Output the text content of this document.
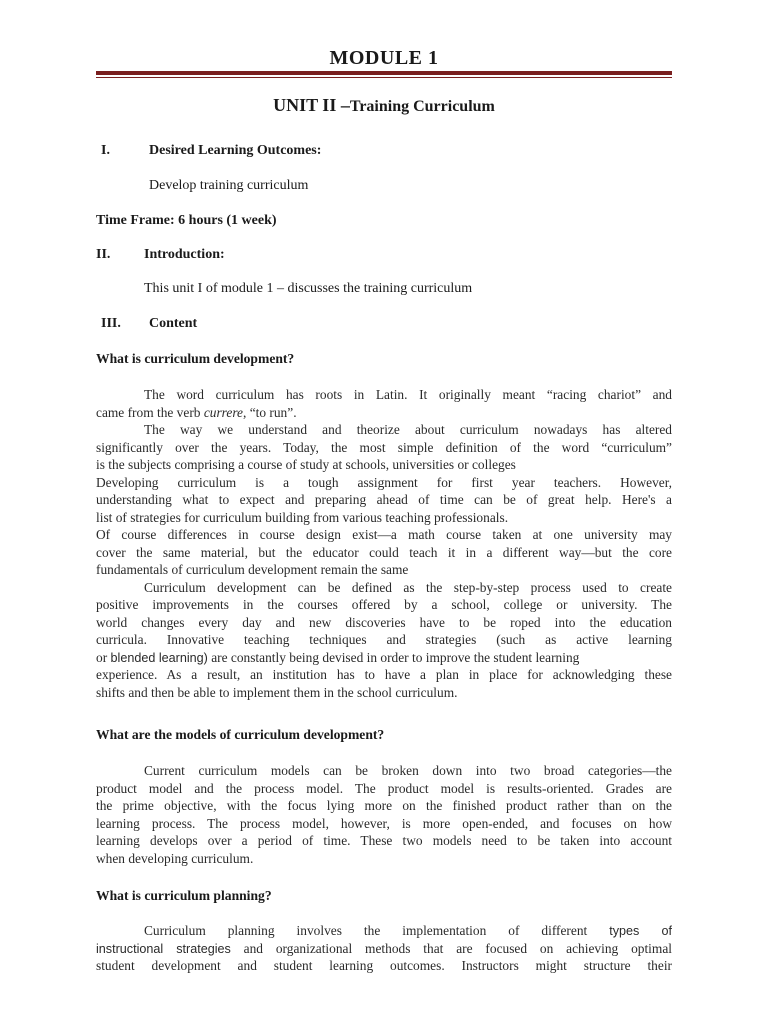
MODULE 1
UNIT II –Training Curriculum
I.	Desired Learning Outcomes:
Develop training curriculum
Time Frame: 6 hours (1 week)
II. Introduction:
This unit I of module 1 – discusses the training curriculum
III. Content
What is curriculum development?
The word curriculum has roots in Latin. It originally meant “racing chariot” and
came from the verb currere, “to run”.
The way we understand and theorize about curriculum nowadays has altered
significantly over the years. Today, the most simple definition of the word “curriculum”
is the subjects comprising a course of study at schools, universities or colleges
Developing curriculum is a tough assignment for first year teachers. However,
understanding what to expect and preparing ahead of time can be of great help. Here's a
list of strategies for curriculum building from various teaching professionals.
Of course differences in course design exist—a math course taken at one university may
cover the same material, but the educator could teach it in a different way—but the core
fundamentals of curriculum development remain the same
Curriculum development can be defined as the step-by-step process used to create
positive improvements in the courses offered by a school, college or university. The
world changes every day and new discoveries have to be roped into the education
curricula. Innovative teaching techniques and strategies (such as active learning
or blended learning) are constantly being devised in order to improve the student learning
experience. As a result, an institution has to have a plan in place for acknowledging these
shifts and then be able to implement them in the school curriculum.
What are the models of curriculum development?
Current curriculum models can be broken down into two broad categories—the
product model and the process model. The product model is results-oriented. Grades are
the prime objective, with the focus lying more on the finished product rather than on the
learning process. The process model, however, is more open-ended, and focuses on how
learning develops over a period of time. These two models need to be taken into account
when developing curriculum.
What is curriculum planning?
Curriculum planning involves the implementation of different types of
instructional strategies and organizational methods that are focused on achieving optimal
student development and student learning outcomes. Instructors might structure their
